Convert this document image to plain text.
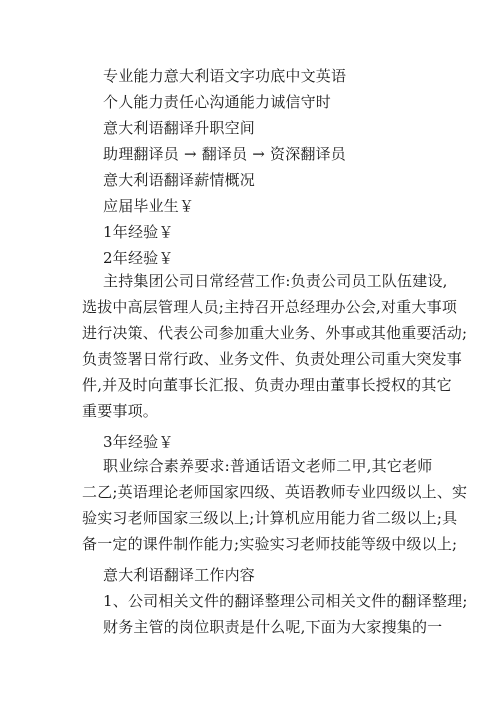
专业能力意大利语文字功底中文英语
个人能力责任心沟通能力诚信守时
意大利语翻译升职空间
助理翻译员 → 翻译员 → 资深翻译员
意大利语翻译薪情概况
应届毕业生￥
1年经验￥
2年经验￥
主持集团公司日常经营工作:负责公司员工队伍建设,
选拔中高层管理人员;主持召开总经理办公会,对重大事项
进行决策、代表公司参加重大业务、外事或其他重要活动;
负责签署日常行政、业务文件、负责处理公司重大突发事
件,并及时向董事长汇报、负责办理由董事长授权的其它
重要事项。
3年经验￥
职业综合素养要求:普通话语文老师二甲,其它老师
二乙;英语理论老师国家四级、英语教师专业四级以上、实
验实习老师国家三级以上;计算机应用能力省二级以上;具
备一定的课件制作能力;实验实习老师技能等级中级以上;
意大利语翻译工作内容
1、公司相关文件的翻译整理公司相关文件的翻译整理;
财务主管的岗位职责是什么呢,下面为大家搜集的一
